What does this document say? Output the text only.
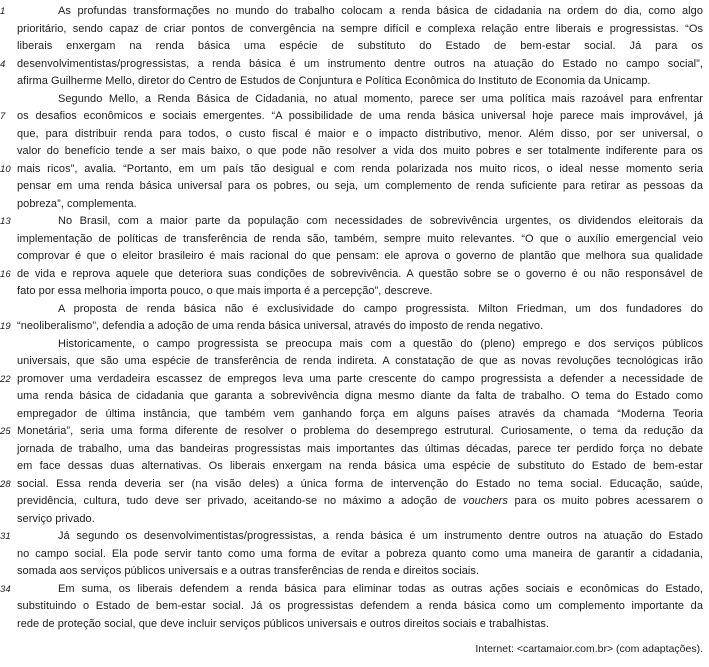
1	As profundas transformações no mundo do trabalho colocam a renda básica de cidadania na ordem do dia, como algo
prioritário, sendo capaz de criar pontos de convergência na sempre difícil e complexa relação entre liberais e progressistas. “Os
liberais enxergam na renda básica uma espécie de substituto do Estado de bem-estar social. Já para os
4	desenvolvimentistas/progressistas, a renda básica é um instrumento dentre outros na atuação do Estado no campo social”,
afirma Guilherme Mello, diretor do Centro de Estudos de Conjuntura e Política Econômica do Instituto de Economia da Unicamp.
Segundo Mello, a Renda Básica de Cidadania, no atual momento, parece ser uma política mais razoável para enfrentar
7	os desafios econômicos e sociais emergentes. “A possibilidade de uma renda básica universal hoje parece mais improvável, já
que, para distribuir renda para todos, o custo fiscal é maior e o impacto distributivo, menor. Além disso, por ser universal, o
valor do benefício tende a ser mais baixo, o que pode não resolver a vida dos muito pobres e ser totalmente indiferente para os
10 mais ricos”, avalia. “Portanto, em um país tão desigual e com renda polarizada nos muito ricos, o ideal nesse momento seria
pensar em uma renda básica universal para os pobres, ou seja, um complemento de renda suficiente para retirar as pessoas da
pobreza”, complementa.
13	No Brasil, com a maior parte da população com necessidades de sobrevivência urgentes, os dividendos eleitorais da
implementação de políticas de transferência de renda são, também, sempre muito relevantes. “O que o auxílio emergencial veio
comprovar é que o eleitor brasileiro é mais racional do que pensam: ele aprova o governo de plantão que melhora sua qualidade
16 de vida e reprova aquele que deteriora suas condições de sobrevivência. A questão sobre se o governo é ou não responsável de
fato por essa melhoria importa pouco, o que mais importa é a percepção”, descreve.
A proposta de renda básica não é exclusividade do campo progressista. Milton Friedman, um dos fundadores do
19 “neoliberalismo”, defendia a adoção de uma renda básica universal, através do imposto de renda negativo.
Historicamente, o campo progressista se preocupa mais com a questão do (pleno) emprego e dos serviços públicos
universais, que são uma espécie de transferência de renda indireta. A constatação de que as novas revoluções tecnológicas irão
22 promover uma verdadeira escassez de empregos leva uma parte crescente do campo progressista a defender a necessidade de
uma renda básica de cidadania que garanta a sobrevivência digna mesmo diante da falta de trabalho. O tema do Estado como
empregador de última instância, que também vem ganhando força em alguns países através da chamada “Moderna Teoria
25 Monetária”, seria uma forma diferente de resolver o problema do desemprego estrutural. Curiosamente, o tema da redução da
jornada de trabalho, uma das bandeiras progressistas mais importantes das últimas décadas, parece ter perdido força no debate
em face dessas duas alternativas. Os liberais enxergam na renda básica uma espécie de substituto do Estado de bem-estar
28 social. Essa renda deveria ser (na visão deles) a única forma de intervenção do Estado no tema social. Educação, saúde,
previdência, cultura, tudo deve ser privado, aceitando-se no máximo a adoção de vouchers para os muito pobres acessarem o
serviço privado.
31	Já segundo os desenvolvimentistas/progressistas, a renda básica é um instrumento dentre outros na atuação do Estado
no campo social. Ela pode servir tanto como uma forma de evitar a pobreza quanto como uma maneira de garantir a cidadania,
somada aos serviços públicos universais e a outras transferências de renda e direitos sociais.
34	Em suma, os liberais defendem a renda básica para eliminar todas as outras ações sociais e econômicas do Estado,
substituindo o Estado de bem-estar social. Já os progressistas defendem a renda básica como um complemento importante da
rede de proteção social, que deve incluir serviços públicos universais e outros direitos sociais e trabalhistas.
Internet: <cartamaior.com.br> (com adaptações).
